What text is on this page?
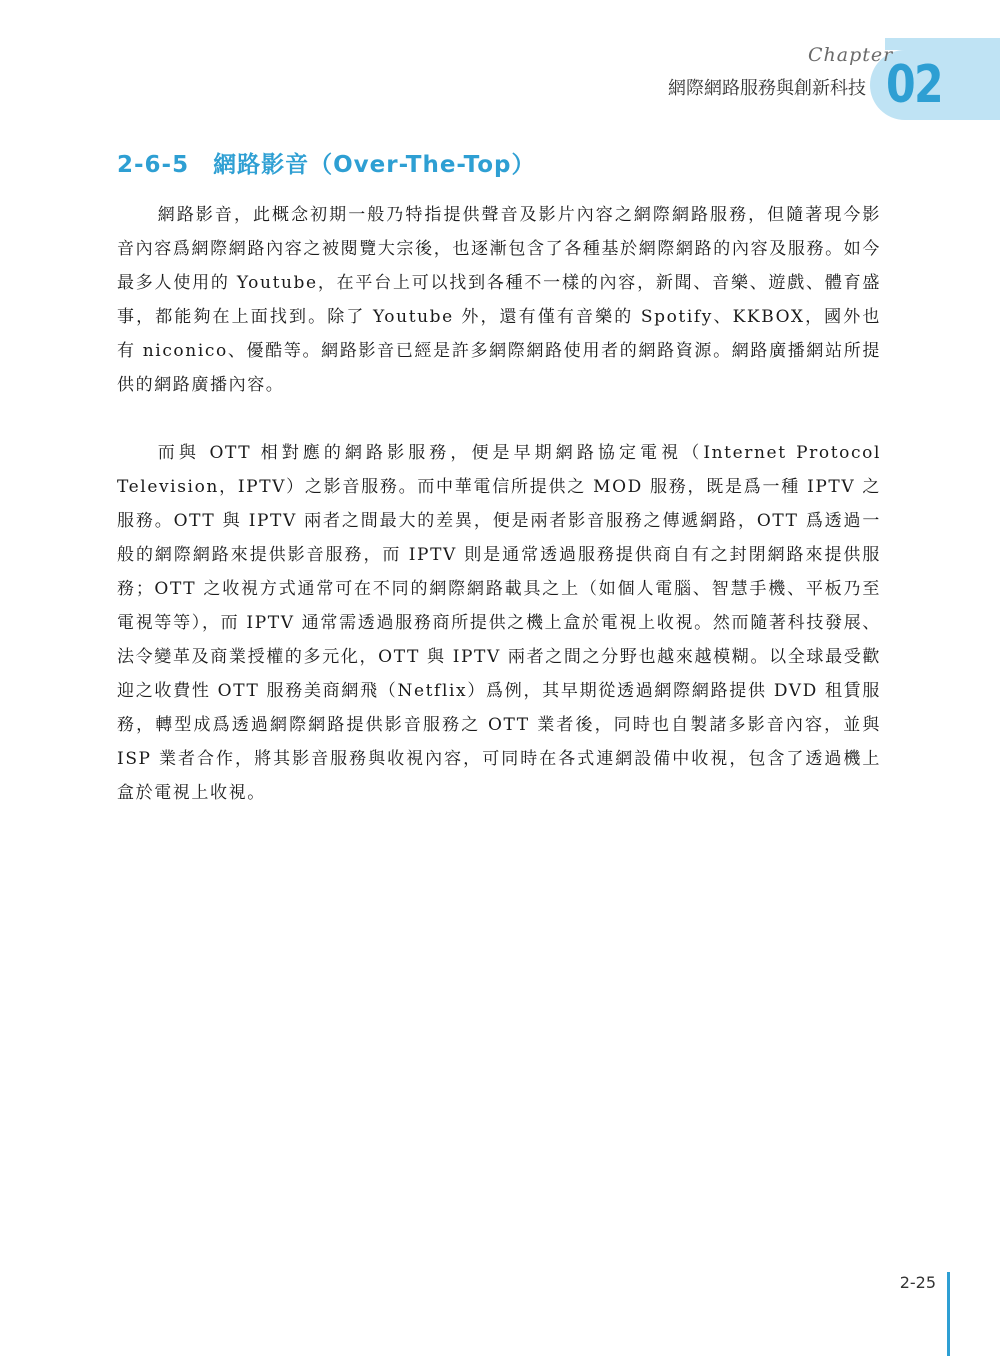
Chapter
網際網路服務與創新科技 02
2-6-5　網路影音（Over-The-Top）

網路影音，此概念初期一般乃特指提供聲音及影片內容之網際網路服務，但隨著現今影音內容爲網際網路內容之被閱覽大宗後，也逐漸包含了各種基於網際網路的內容及服務。如今最多人使用的 Youtube，在平台上可以找到各種不一樣的內容，新聞、音樂、遊戲、體育盛事，都能夠在上面找到。除了 Youtube 外，還有僅有音樂的 Spotify、KKBOX，國外也有 niconico、優酷等。網路影音已經是許多網際網路使用者的網路資源。網路廣播網站所提供的網路廣播內容。

而與 OTT 相對應的網路影服務，便是早期網路協定電視（Internet Protocol Television，IPTV）之影音服務。而中華電信所提供之 MOD 服務，既是爲一種 IPTV 之服務。OTT 與 IPTV 兩者之間最大的差異，便是兩者影音服務之傳遞網路，OTT 爲透過一般的網際網路來提供影音服務，而 IPTV 則是通常透過服務提供商自有之封閉網路來提供服務；OTT 之收視方式通常可在不同的網際網路載具之上（如個人電腦、智慧手機、平板乃至電視等等），而 IPTV 通常需透過服務商所提供之機上盒於電視上收視。然而隨著科技發展、法令變革及商業授權的多元化，OTT 與 IPTV 兩者之間之分野也越來越模糊。以全球最受歡迎之收費性 OTT 服務美商網飛（Netflix）爲例，其早期從透過網際網路提供 DVD 租賃服務，轉型成爲透過網際網路提供影音服務之 OTT 業者後，同時也自製諸多影音內容，並與 ISP 業者合作，將其影音服務與收視內容，可同時在各式連網設備中收視，包含了透過機上盒於電視上收視。

2-25
